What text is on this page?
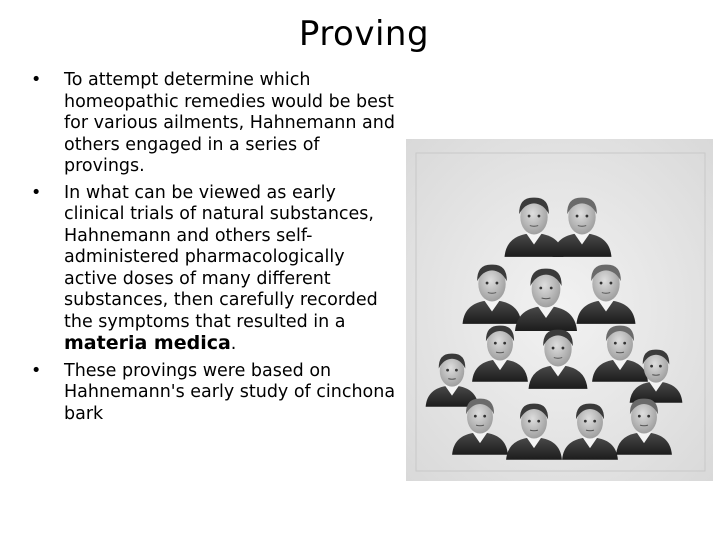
Proving
• To attempt determine which homeopathic remedies would be best for various ailments, Hahnemann and others engaged in a series of provings.
• In what can be viewed as early clinical trials of natural substances, Hahnemann and others self- administered pharmacologically active doses of many different substances, then carefully recorded the symptoms that resulted in a materia medica.
• These provings were based on Hahnemann's early study of cinchona bark
